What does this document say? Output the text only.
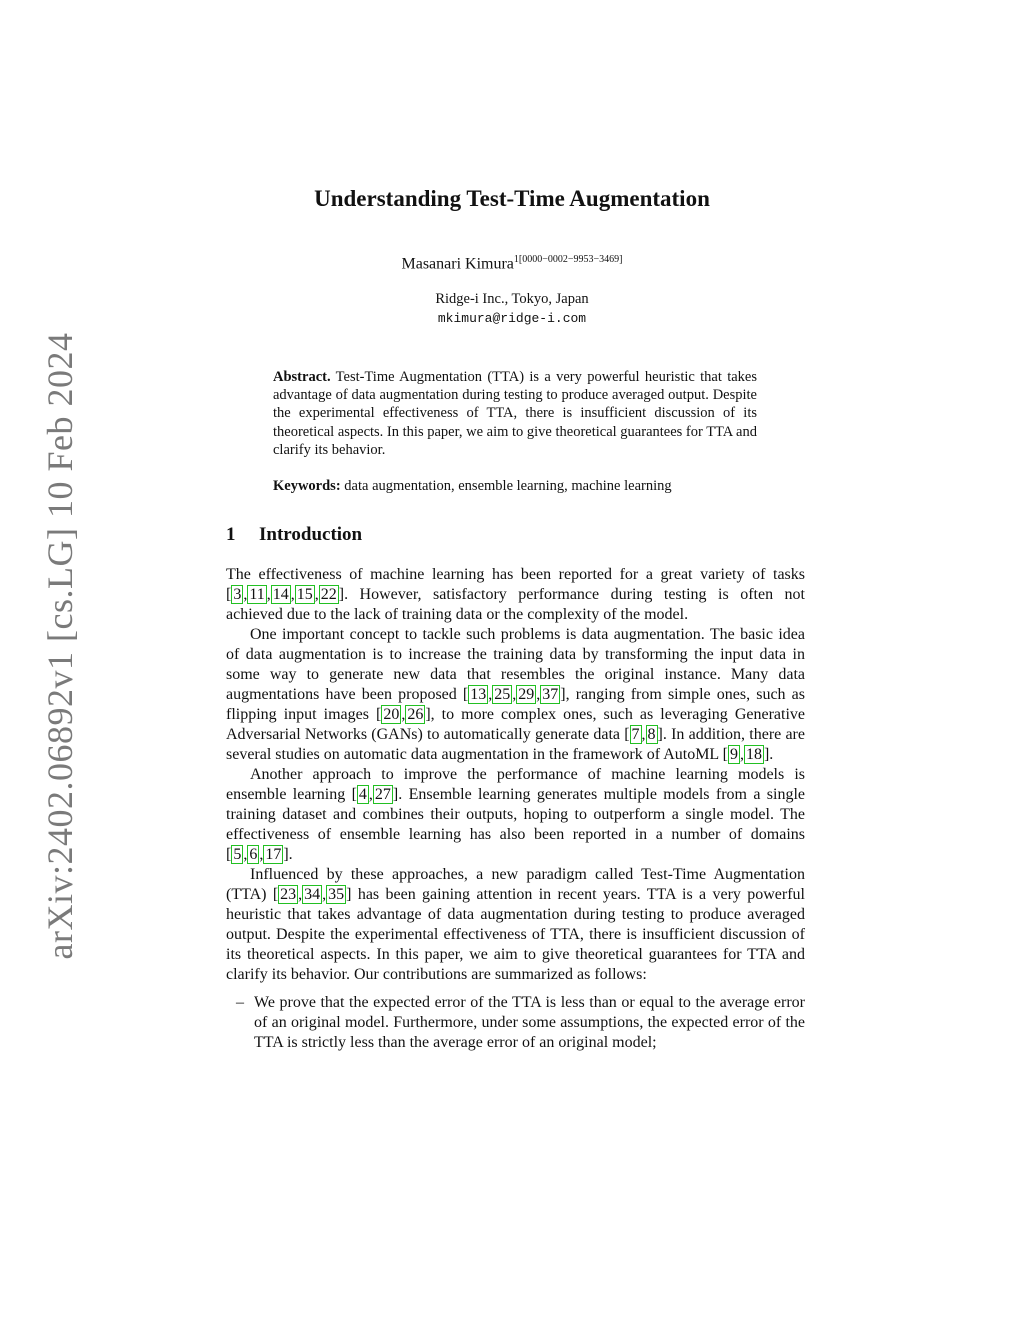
arXiv:2402.06892v1 [cs.LG] 10 Feb 2024
Understanding Test-Time Augmentation
Masanari Kimura$^{1[0000-0002-9953-3469]}$
Ridge-i Inc., Tokyo, Japan
mkimura@ridge-i.com
Abstract. Test-Time Augmentation (TTA) is a very powerful heuristic that takes advantage of data augmentation during testing to produce averaged output. Despite the experimental effectiveness of TTA, there is insufficient discussion of its theoretical aspects. In this paper, we aim to give theoretical guarantees for TTA and clarify its behavior.
Keywords: data augmentation, ensemble learning, machine learning
1 Introduction

The effectiveness of machine learning has been reported for a great variety of tasks [ 3 , 11 , 14 , 15 , 22 ]. However, satisfactory performance during testing is often not achieved due to the lack of training data or the complexity of the model.

One important concept to tackle such problems is data augmentation. The basic idea of data augmentation is to increase the training data by transforming the input data in some way to generate new data that resembles the original instance. Many data augmentations have been proposed [ 13 , 25 , 29 , 37 ], ranging from simple ones, such as flipping input images [ 20 , 26 ], to more complex ones, such as leveraging Generative Adversarial Networks (GANs) to automatically generate data [ 7 , 8 ]. In addition, there are several studies on automatic data augmentation in the framework of AutoML [ 9 , 18 ].

Another approach to improve the performance of machine learning models is ensemble learning [ 4 , 27 ]. Ensemble learning generates multiple models from a single training dataset and combines their outputs, hoping to outperform a single model. The effectiveness of ensemble learning has also been reported in a number of domains [ 5 , 6 , 17 ].

Influenced by these approaches, a new paradigm called Test-Time Augmentation (TTA) [ 23 , 34 , 35 ] has been gaining attention in recent years. TTA is a very powerful heuristic that takes advantage of data augmentation during testing to produce averaged output. Despite the experimental effectiveness of TTA, there is insufficient discussion of its theoretical aspects. In this paper, we aim to give theoretical guarantees for TTA and clarify its behavior. Our contributions are summarized as follows:

– We prove that the expected error of the TTA is less than or equal to the average error of an original model. Furthermore, under some assumptions, the expected error of the TTA is strictly less than the average error of an original model;
